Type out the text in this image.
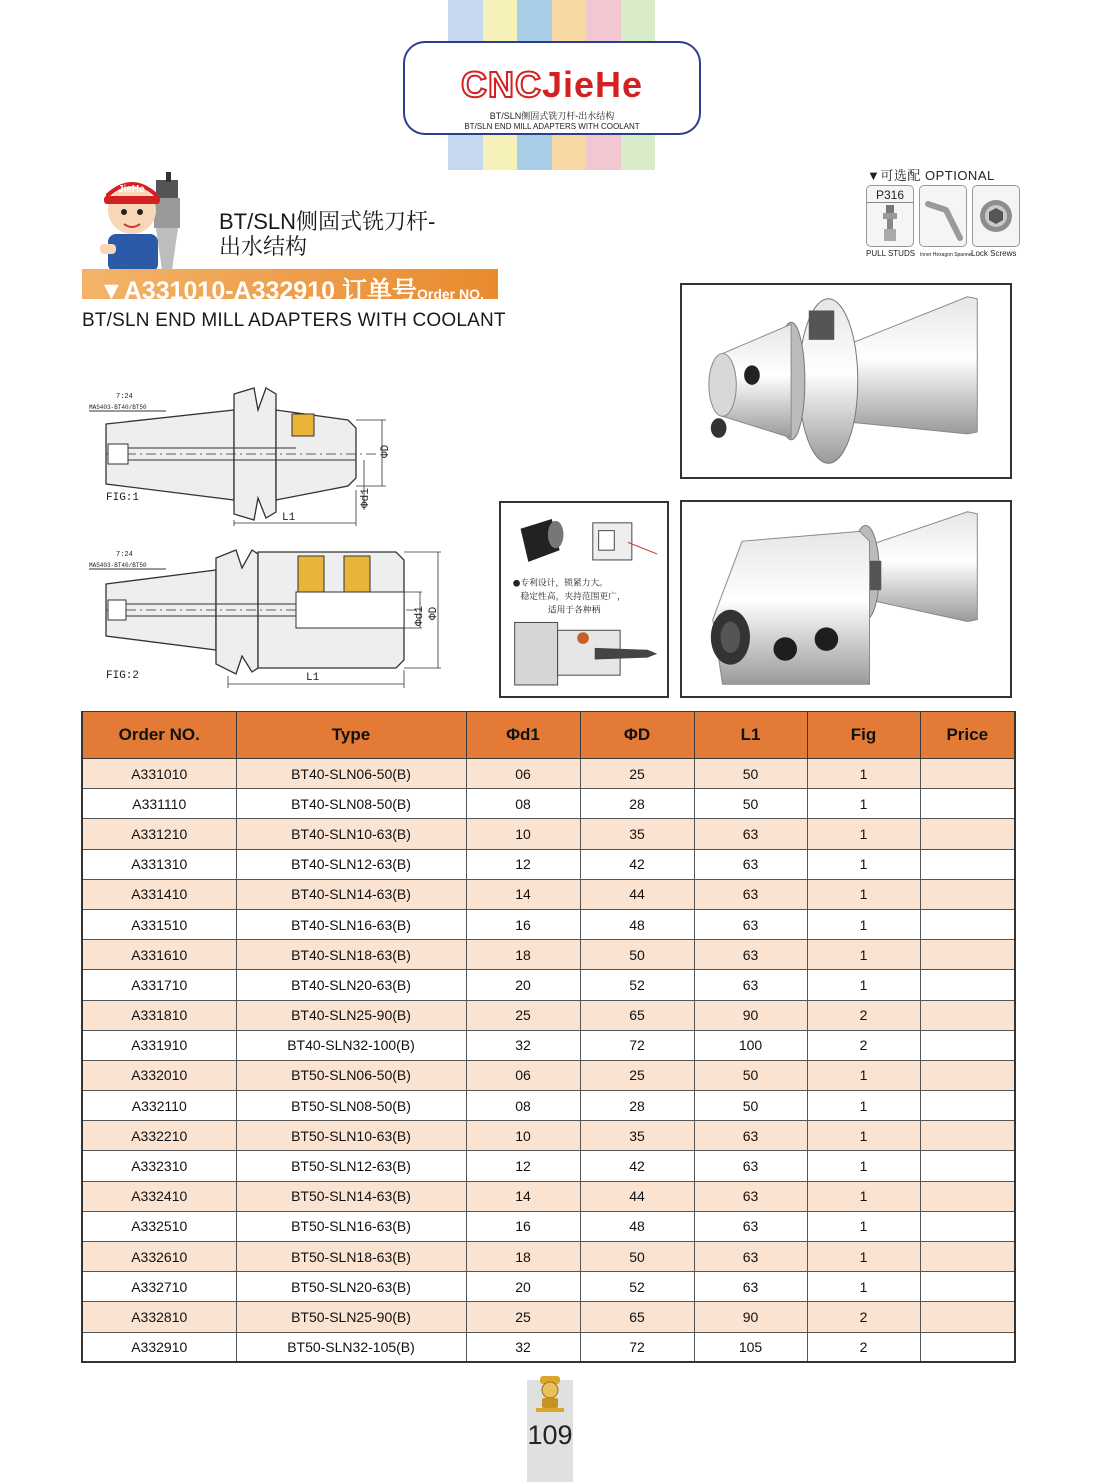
CNCJieHe
BT/SLN侧固式铣刀杆-出水结构
BT/SLN END MILL ADAPTERS WITH COOLANT
JieHe
BT/SLN侧固式铣刀杆-
出水结构
▼A331010-A332910 订单号Order NO.
BT/SLN END MILL ADAPTERS WITH COOLANT
▼可选配 OPTIONAL
P316
PULL STUDS Inner Hexagon Spanner
Lock Screws
7:24
MAS403-BT40/BT50
ΦD
Φd1
L1
FIG:1
7:24
MAS403-BT40/BT50
Φd1 ΦD
L1
FIG:2
●专利设计，锁紧力大。
稳定性高，夹持范围更广，
适用于各种柄
Order NO.	Type	Φd1	ΦD	L1	Fig	Price
A331010	BT40-SLN06-50(B)	06	25	50	1	
A331110	BT40-SLN08-50(B)	08	28	50	1	
A331210	BT40-SLN10-63(B)	10	35	63	1	
A331310	BT40-SLN12-63(B)	12	42	63	1	
A331410	BT40-SLN14-63(B)	14	44	63	1	
A331510	BT40-SLN16-63(B)	16	48	63	1	
A331610	BT40-SLN18-63(B)	18	50	63	1	
A331710	BT40-SLN20-63(B)	20	52	63	1	
A331810	BT40-SLN25-90(B)	25	65	90	2	
A331910	BT40-SLN32-100(B)	32	72	100	2	
A332010	BT50-SLN06-50(B)	06	25	50	1	
A332110	BT50-SLN08-50(B)	08	28	50	1	
A332210	BT50-SLN10-63(B)	10	35	63	1	
A332310	BT50-SLN12-63(B)	12	42	63	1	
A332410	BT50-SLN14-63(B)	14	44	63	1	
A332510	BT50-SLN16-63(B)	16	48	63	1	
A332610	BT50-SLN18-63(B)	18	50	63	1	
A332710	BT50-SLN20-63(B)	20	52	63	1	
A332810	BT50-SLN25-90(B)	25	65	90	2	
A332910	BT50-SLN32-105(B)	32	72	105	2	
109
